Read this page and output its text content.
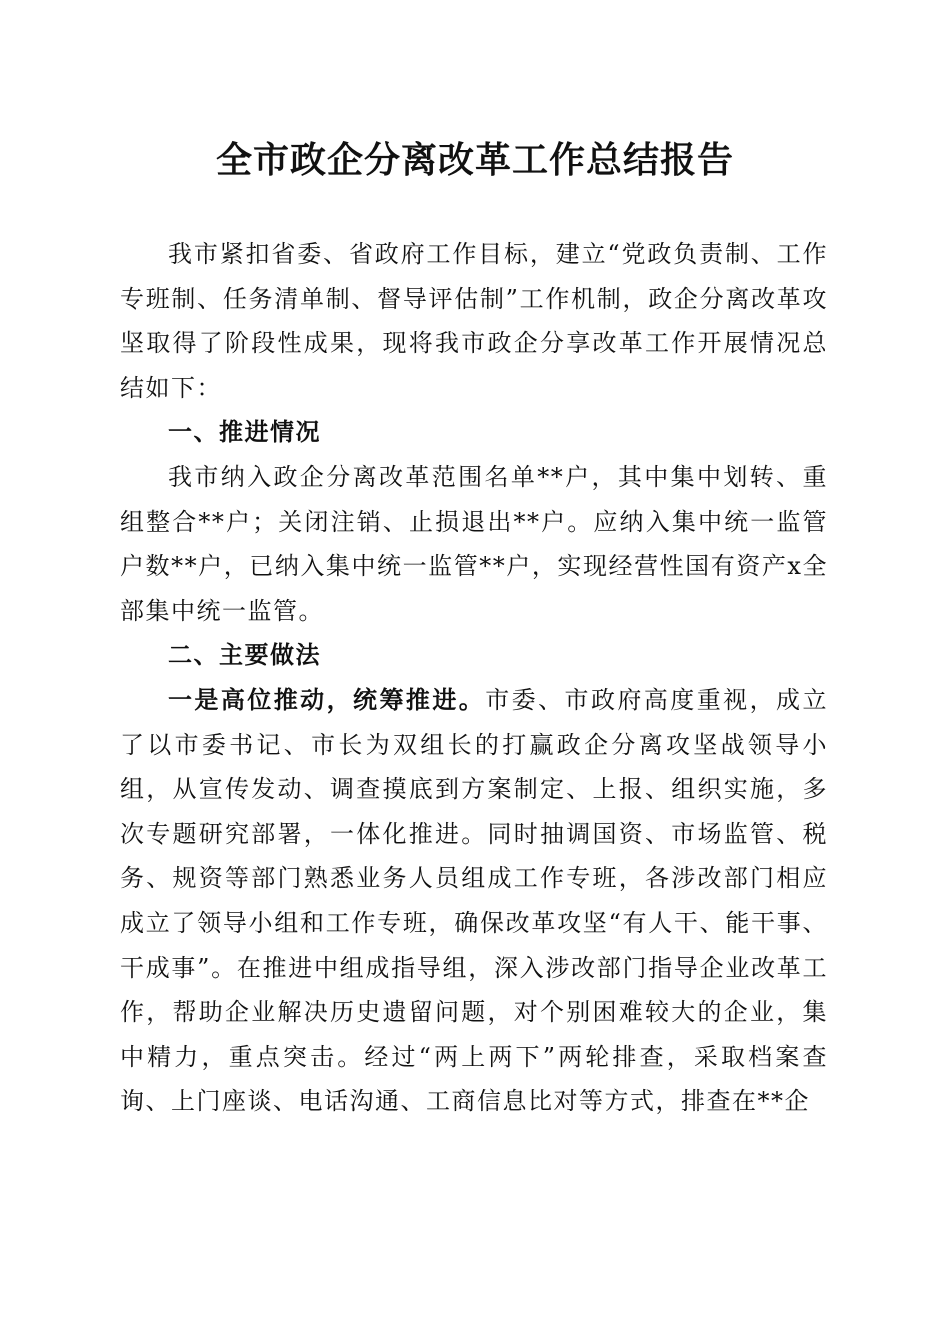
全市政企分离改革工作总结报告

我市紧扣省委、省政府工作目标，建立“党政负责制、工作专班制、任务清单制、督导评估制”工作机制，政企分离改革攻坚取得了阶段性成果，现将我市政企分享改革工作开展情况总结如下：

一、推进情况

我市纳入政企分离改革范围名单**户，其中集中划转、重组整合**户；关闭注销、止损退出**户。应纳入集中统一监管户数**户，已纳入集中统一监管**户，实现经营性国有资产x全部集中统一监管。

二、主要做法

一是高位推动，统筹推进。市委、市政府高度重视，成立了以市委书记、市长为双组长的打赢政企分离攻坚战领导小组，从宣传发动、调查摸底到方案制定、上报、组织实施，多次专题研究部署，一体化推进。同时抽调国资、市场监管、税务、规资等部门熟悉业务人员组成工作专班，各涉改部门相应成立了领导小组和工作专班，确保改革攻坚“有人干、能干事、干成事”。在推进中组成指导组，深入涉改部门指导企业改革工作，帮助企业解决历史遗留问题，对个别困难较大的企业，集中精力，重点突击。经过“两上两下”两轮排查，采取档案查询、上门座谈、电话沟通、工商信息比对等方式，排查在**企
